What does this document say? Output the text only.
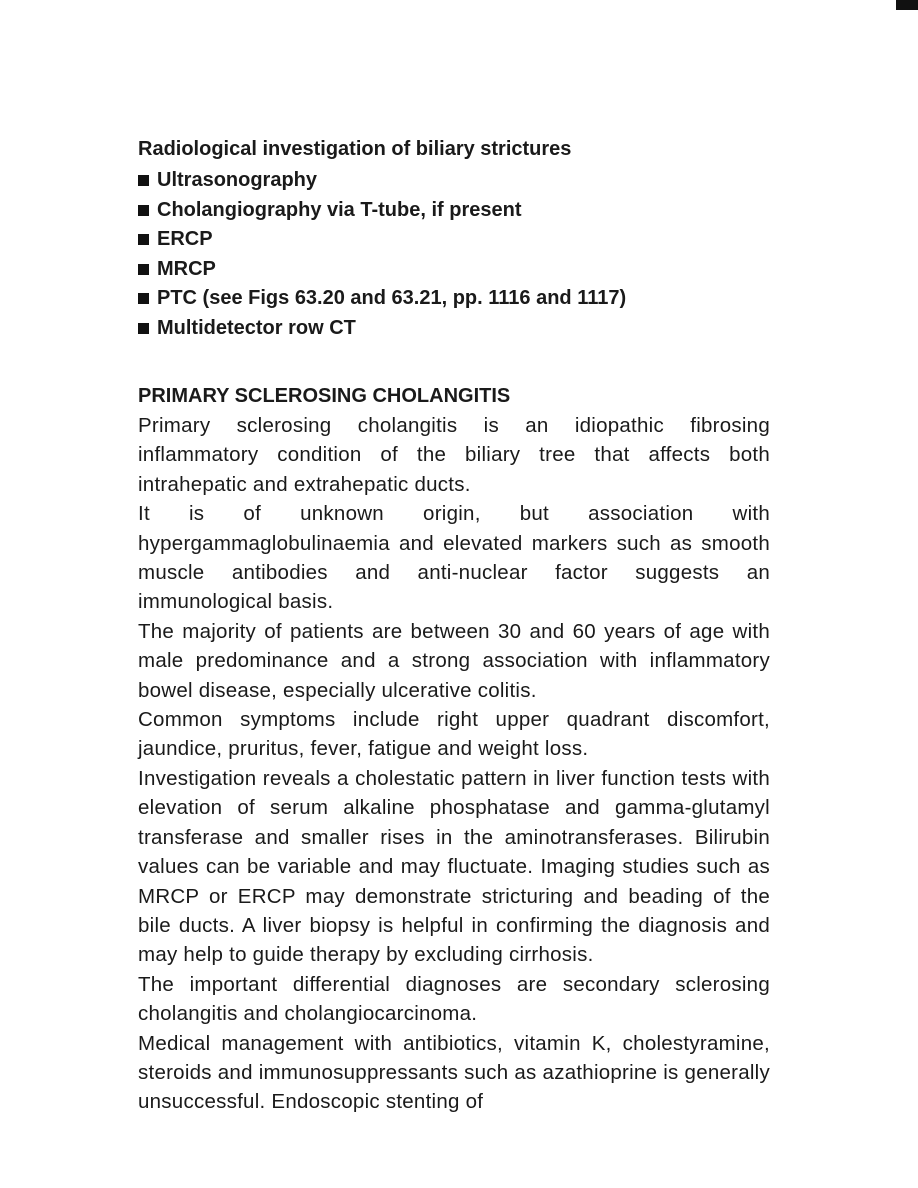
Radiological investigation of biliary strictures
Ultrasonography
Cholangiography via T-tube, if present
ERCP
MRCP
PTC (see Figs 63.20 and 63.21, pp. 1116 and 1117)
Multidetector row CT
PRIMARY SCLEROSING CHOLANGITIS

Primary sclerosing cholangitis is an idiopathic fibrosing inflammatory condition of the biliary tree that affects both intrahepatic and extrahepatic ducts.

It is of unknown origin, but association with hypergammaglobulinaemia and elevated markers such as smooth muscle antibodies and anti-nuclear factor suggests an immunological basis.

The majority of patients are between 30 and 60 years of age with male predominance and a strong association with inflammatory bowel disease, especially ulcerative colitis.

Common symptoms include right upper quadrant discomfort, jaundice, pruritus, fever, fatigue and weight loss.

Investigation reveals a cholestatic pattern in liver function tests with elevation of serum alkaline phosphatase and gamma-glutamyl transferase and smaller rises in the aminotransferases. Bilirubin values can be variable and may fluctuate. Imaging studies such as MRCP or ERCP may demonstrate stricturing and beading of the bile ducts. A liver biopsy is helpful in confirming the diagnosis and may help to guide therapy by excluding cirrhosis.

The important differential diagnoses are secondary sclerosing cholangitis and cholangiocarcinoma.

Medical management with antibiotics, vitamin K, cholestyramine, steroids and immunosuppressants such as azathioprine is generally unsuccessful. Endoscopic stenting of
